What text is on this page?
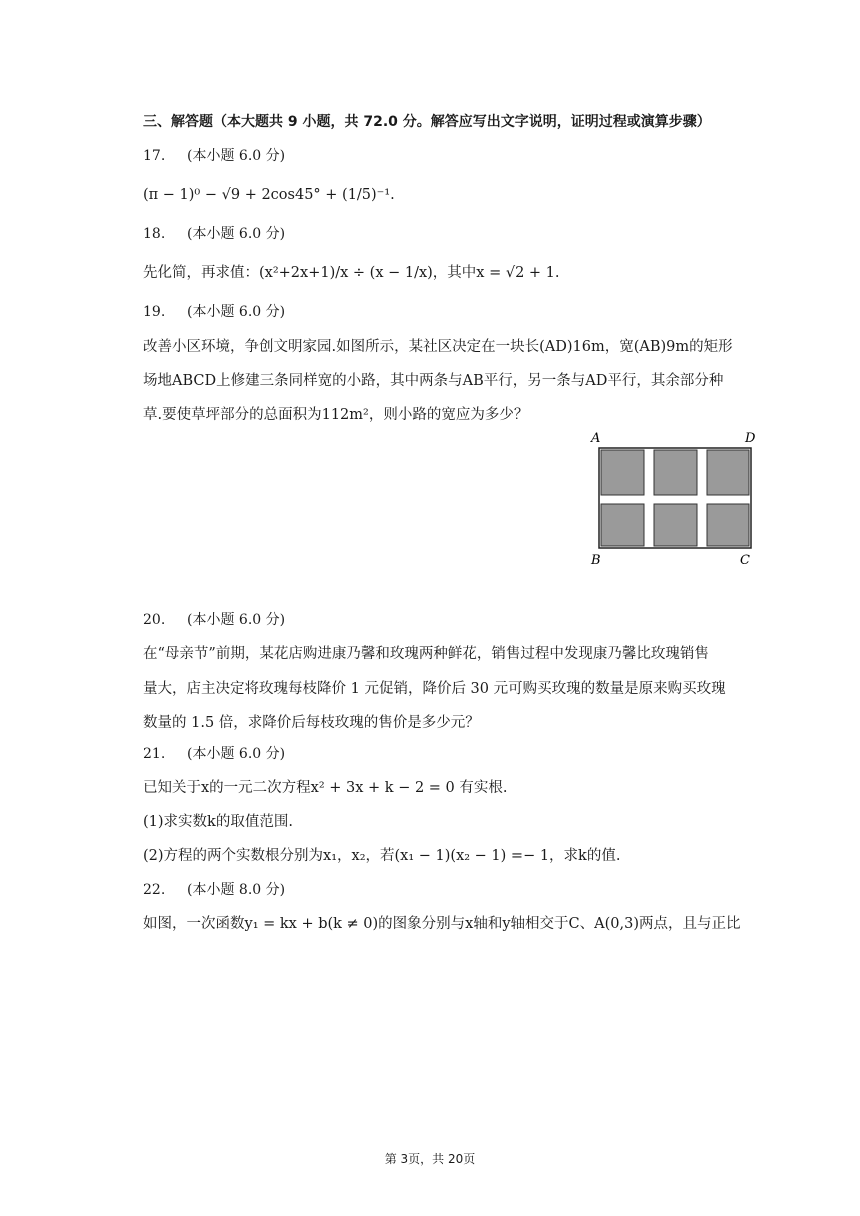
三、解答题（本大题共 9 小题，共 72.0 分。解答应写出文字说明，证明过程或演算步骤）
17. (本小题 6.0 分)
(π − 1)⁰ − √9 + 2cos45° + (1/5)⁻¹.
18. (本小题 6.0 分)
先化简，再求值：(x²+2x+1)/x ÷ (x − 1/x)，其中x = √2 + 1.
19. (本小题 6.0 分)
改善小区环境，争创文明家园.如图所示，某社区决定在一块长(AD)16m，宽(AB)9m的矩形
场地ABCD上修建三条同样宽的小路，其中两条与AB平行，另一条与AD平行，其余部分种
草.要使草坪部分的总面积为112m²，则小路的宽应为多少？
A	D
B	C
20. (本小题 6.0 分)
在“母亲节”前期，某花店购进康乃馨和玫瑰两种鲜花，销售过程中发现康乃馨比玫瑰销售
量大，店主决定将玫瑰每枝降价 1 元促销，降价后 30 元可购买玫瑰的数量是原来购买玫瑰
数量的 1.5 倍，求降价后每枝玫瑰的售价是多少元？
21. (本小题 6.0 分)
已知关于x的一元二次方程x² + 3x + k − 2 = 0 有实根.
(1)求实数k的取值范围.
(2)方程的两个实数根分别为x₁，x₂，若(x₁ − 1)(x₂ − 1) =− 1，求k的值.
22. (本小题 8.0 分)
如图，一次函数y₁ = kx + b(k ≠ 0)的图象分别与x轴和y轴相交于C、A(0,3)两点，且与正比
第 3页，共 20页
